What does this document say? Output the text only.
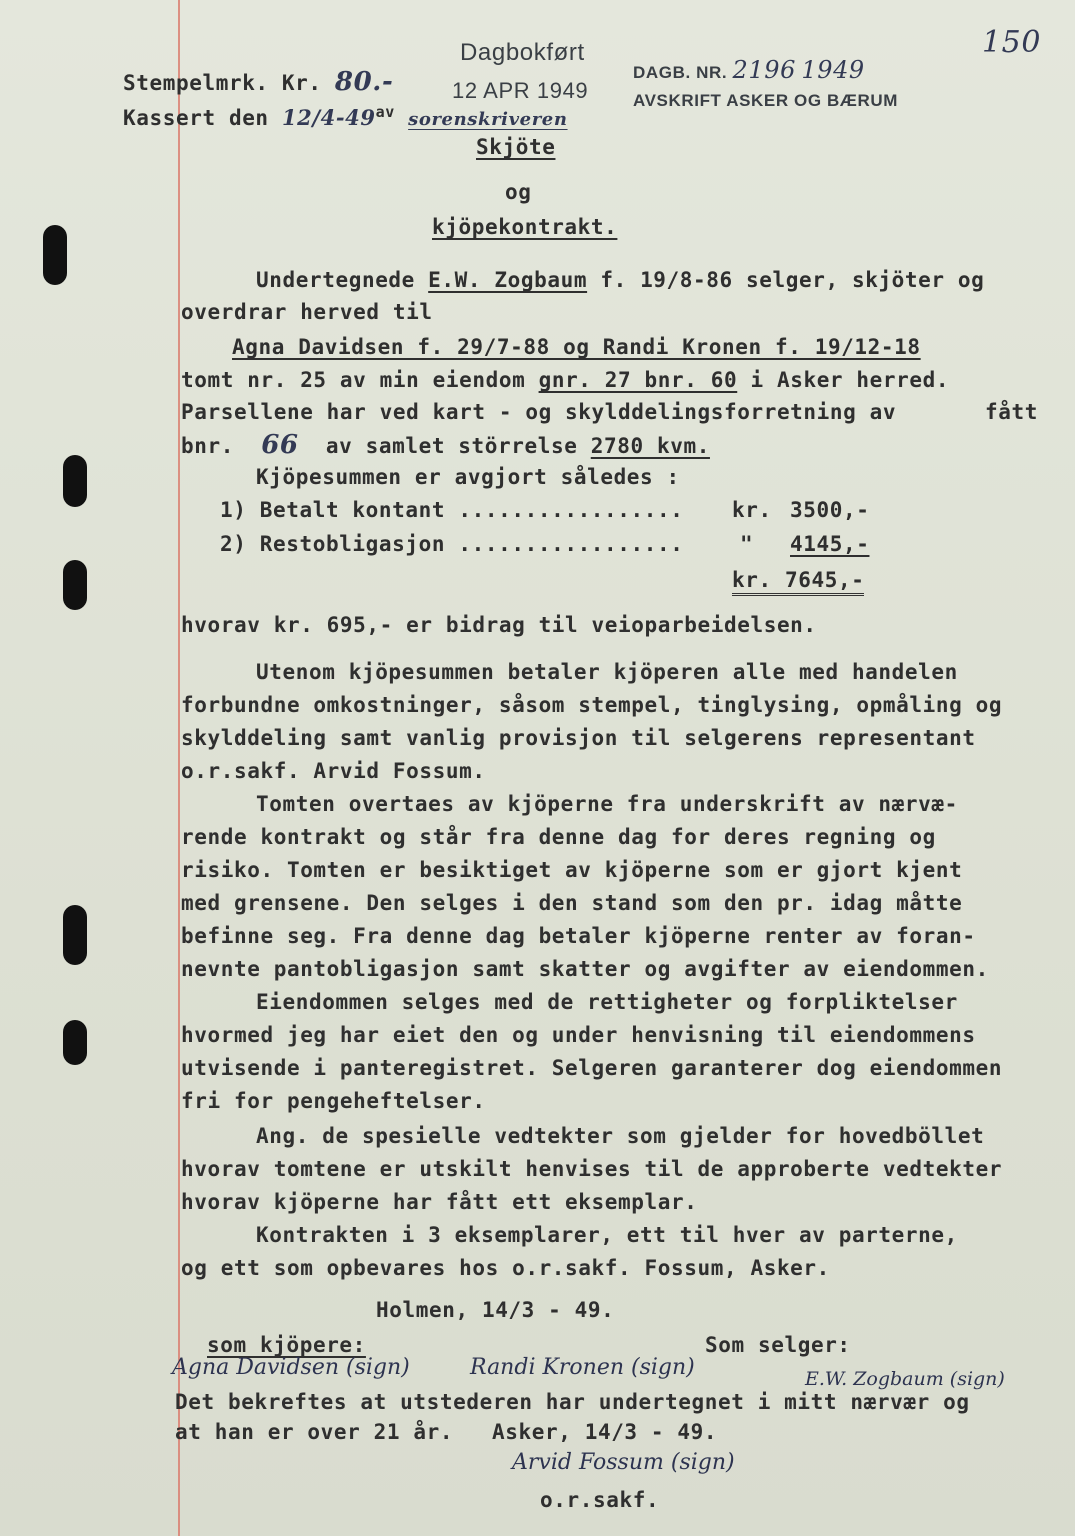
Stempelmrk. Kr. 80.-
Kassert den $12/4-49^{av}$ sorenskriveren
Dagbokført
12 APR 1949
DAGB. NR. 2196 1949
AVSKRIFT ASKER OG BÆRUM
150
Skjöte
og
kjöpekontrakt.
Undertegnede E.W. Zogbaum f. 19/8-86 selger, skjöter og
overdrar herved til
Agna Davidsen f. 29/7-88 og Randi Kronen f. 19/12-18
tomt nr. 25 av min eiendom gnr. 27 bnr. 60 i Asker herred.
Parsellene har ved kart - og skylddelingsforretning av	fått
bnr. 66 av samlet störrelse 2780 kvm.
Kjöpesummen er avgjort således :
1) Betalt kontant ................. kr. 3500,-
2) Restobligasjon .................	" 4145,-
kr. 7645,-
hvorav kr. 695,- er bidrag til veioparbeidelsen.
Utenom kjöpesummen betaler kjöperen alle med handelen
forbundne omkostninger, såsom stempel, tinglysing, opmåling og
skylddeling samt vanlig provisjon til selgerens representant
o.r.sakf. Arvid Fossum.
Tomten overtaes av kjöperne fra underskrift av nærvæ-
rende kontrakt og står fra denne dag for deres regning og
risiko. Tomten er besiktiget av kjöperne som er gjort kjent
med grensene. Den selges i den stand som den pr. idag måtte
befinne seg. Fra denne dag betaler kjöperne renter av foran-
nevnte pantobligasjon samt skatter og avgifter av eiendommen.
Eiendommen selges med de rettigheter og forpliktelser
hvormed jeg har eiet den og under henvisning til eiendommens
utvisende i panteregistret. Selgeren garanterer dog eiendommen
fri for pengeheftelser.
Ang. de spesielle vedtekter som gjelder for hovedböllet
hvorav tomtene er utskilt henvises til de approberte vedtekter
hvorav kjöperne har fått ett eksemplar.
Kontrakten i 3 eksemplarer, ett til hver av parterne,
og ett som opbevares hos o.r.sakf. Fossum, Asker.
Holmen, 14/3 - 49.
som kjöpere:	Som selger:
Agna Davidsen (sign)	Randi Kronen (sign)	E.W. Zogbaum (sign)
Det bekreftes at utstederen har undertegnet i mitt nærvær og
at han er over 21 år. Asker, 14/3 - 49.
Arvid Fossum (sign)
o.r.sakf.
